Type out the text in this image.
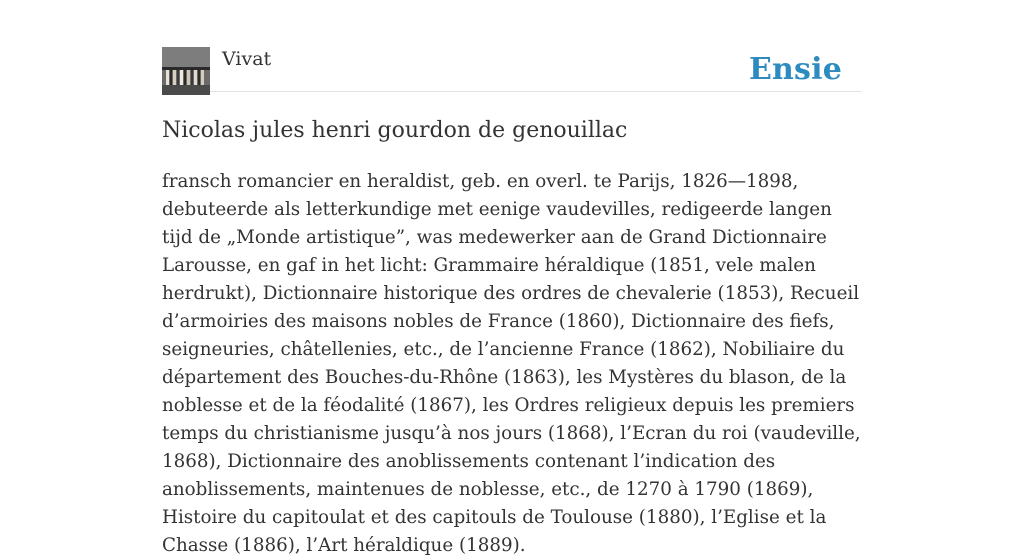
Vivat	Ensie
Nicolas jules henri gourdon de genouillac

fransch romancier en heraldist, geb. en overl. te Parijs, 1826—1898, debuteerde als letterkundige met eenige vaudevilles, redigeerde langen tijd de „Monde artistique”, was medewerker aan de Grand Dictionnaire Larousse, en gaf in het licht: Grammaire héraldique (1851, vele malen herdrukt), Dictionnaire historique des ordres de chevalerie (1853), Recueil d’armoiries des maisons nobles de France (1860), Dictionnaire des fiefs, seigneuries, châtellenies, etc., de l’ancienne France (1862), Nobiliaire du département des Bouches-du-Rhône (1863), les Mystères du blason, de la noblesse et de la féodalité (1867), les Ordres religieux depuis les premiers temps du christianisme jusqu’à nos jours (1868), l’Ecran du roi (vaudeville, 1868), Dictionnaire des anoblissements contenant l’indication des anoblissements, maintenues de noblesse, etc., de 1270 à 1790 (1869), Histoire du capitoulat et des capitouls de Toulouse (1880), l’Eglise et la Chasse (1886), l’Art héraldique (1889).
